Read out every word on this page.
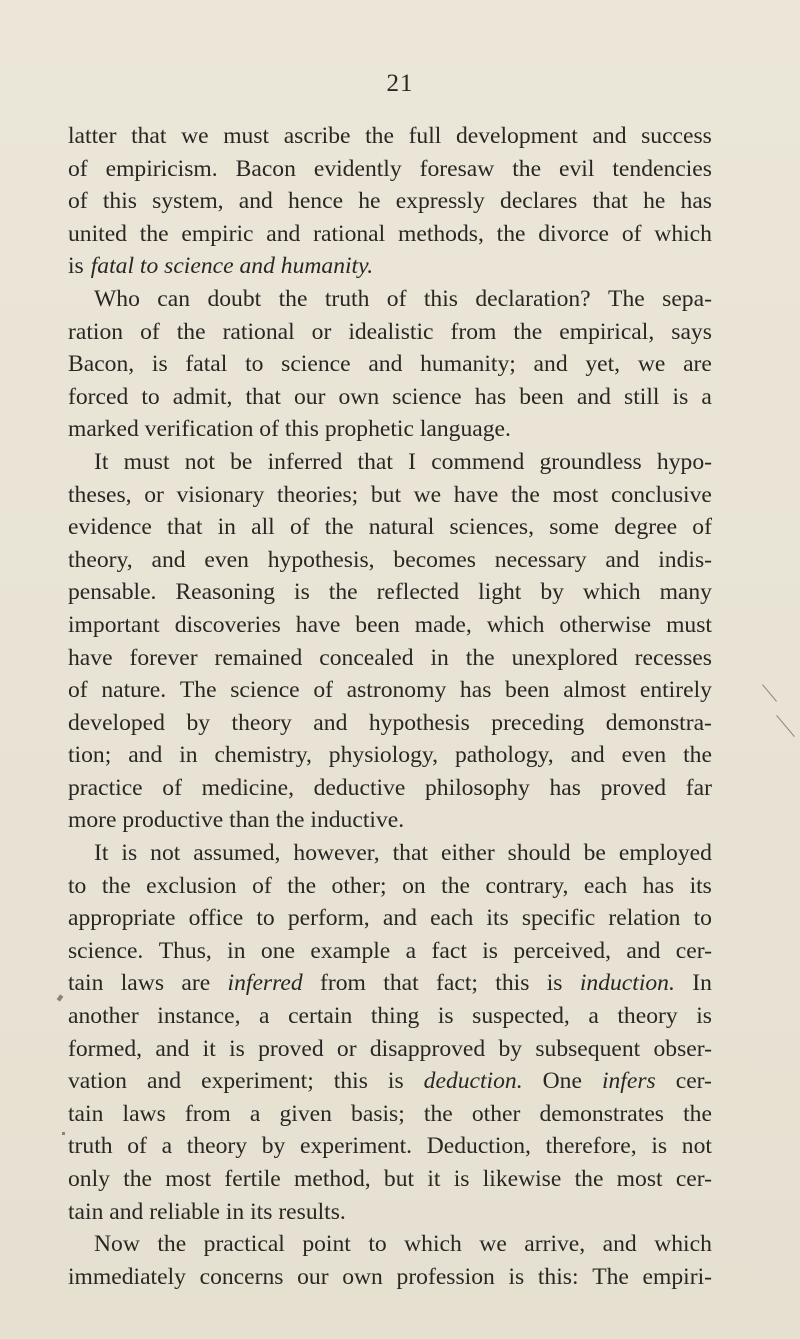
21
latter that we must ascribe the full development and success
of empiricism. Bacon evidently foresaw the evil tendencies
of this system, and hence he expressly declares that he has
united the empiric and rational methods, the divorce of which
is fatal to science and humanity.
Who can doubt the truth of this declaration? The sepa-
ration of the rational or idealistic from the empirical, says
Bacon, is fatal to science and humanity; and yet, we are
forced to admit, that our own science has been and still is a
marked verification of this prophetic language.
It must not be inferred that I commend groundless hypo-
theses, or visionary theories; but we have the most conclusive
evidence that in all of the natural sciences, some degree of
theory, and even hypothesis, becomes necessary and indis-
pensable. Reasoning is the reflected light by which many
important discoveries have been made, which otherwise must
have forever remained concealed in the unexplored recesses
of nature. The science of astronomy has been almost entirely
developed by theory and hypothesis preceding demonstra-
tion; and in chemistry, physiology, pathology, and even the
practice of medicine, deductive philosophy has proved far
more productive than the inductive.
It is not assumed, however, that either should be employed
to the exclusion of the other; on the contrary, each has its
appropriate office to perform, and each its specific relation to
science. Thus, in one example a fact is perceived, and cer-
tain laws are inferred from that fact; this is induction. In
another instance, a certain thing is suspected, a theory is
formed, and it is proved or disapproved by subsequent obser-
vation and experiment; this is deduction. One infers cer-
tain laws from a given basis; the other demonstrates the
truth of a theory by experiment. Deduction, therefore, is not
only the most fertile method, but it is likewise the most cer-
tain and reliable in its results.
Now the practical point to which we arrive, and which
immediately concerns our own profession is this: The empiri-
